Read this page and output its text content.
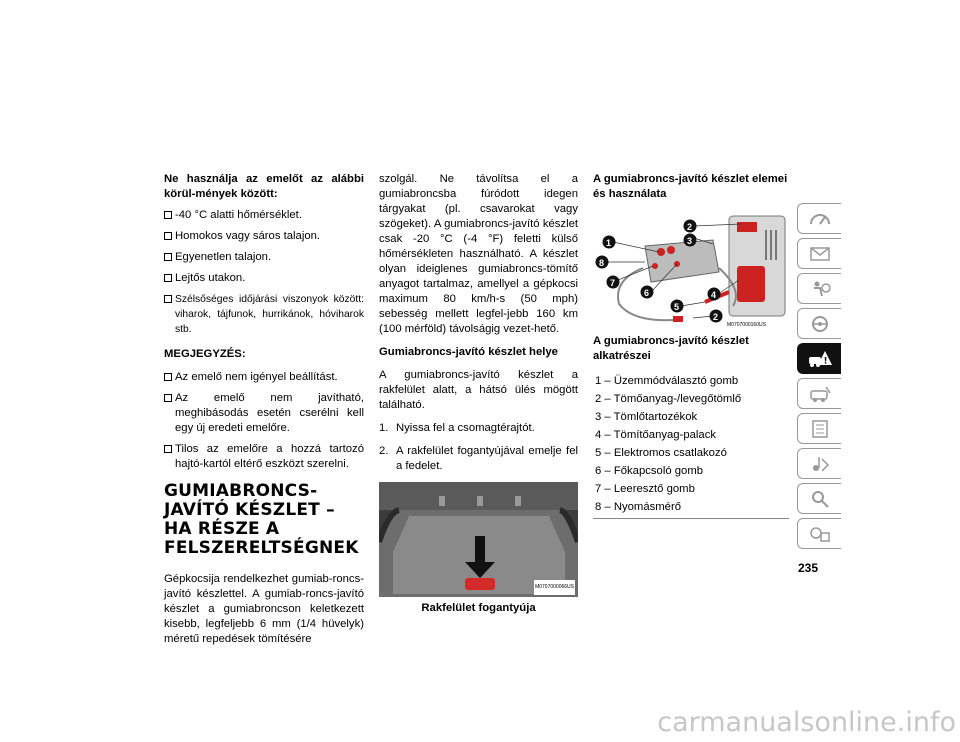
Ne használja az emelőt az alábbi körül-mények között:

-40 °C alatti hőmérséklet.
Homokos vagy sáros talajon.
Egyenetlen talajon.
Lejtős utakon.
Szélsőséges időjárási viszonyok között: viharok, tájfunok, hurrikánok, hóviharok stb.

MEGJEGYZÉS:

Az emelő nem igényel beállítást.
Az emelő nem javítható, meghibásodás esetén cserélni kell egy új eredeti emelőre.
Tilos az emelőre a hozzá tartozó hajtó-kartól eltérő eszközt szerelni.
GUMIABRONCS-JAVÍTÓ KÉSZLET – HA RÉSZE A FELSZERELTSÉGNEK

Gépkocsija rendelkezhet gumiab-roncs-javító készlettel. A gumiab-roncs-javító készlet a gumiabroncson keletkezett kisebb, legfeljebb 6 mm (1/4 hüvelyk) méretű repedések tömítésére

szolgál. Ne távolítsa el a gumiabroncsba fúródott idegen tárgyakat (pl. csavarokat vagy szögeket). A gumiabroncs-javító készlet csak -20 °C (-4 °F) feletti külső hőmérsékleten használható. A készlet olyan ideiglenes gumiabroncs-tömítő anyagot tartalmaz, amellyel a gépkocsi maximum 80 km/h-s (50 mph) sebesség mellett legfel-jebb 160 km (100 mérföld) távolságig vezet-hető.

Gumiabroncs-javító készlet helye

A gumiabroncs-javító készlet a rakfelület alatt, a hátsó ülés mögött található.

1. Nyissa fel a csomagtérajtót.
2. A rakfelület fogantyújával emelje fel a fedelet.
M0707000066US
Rakfelület fogantyúja

A gumiabroncs-javító készlet elemei és használata

1
2
3
4
5
6
7
8
2
M0707000160US

A gumiabroncs-javító készlet alkatrészei

1 – Üzemmódválasztó gomb
2 – Tömőanyag-/levegőtömlő
3 – Tömlőtartozékok
4 – Tömítőanyag-palack
5 – Elektromos csatlakozó
6 – Főkapcsoló gomb
7 – Leeresztő gomb
8 – Nyomásmérő
!
235
carmanualsonline.info
